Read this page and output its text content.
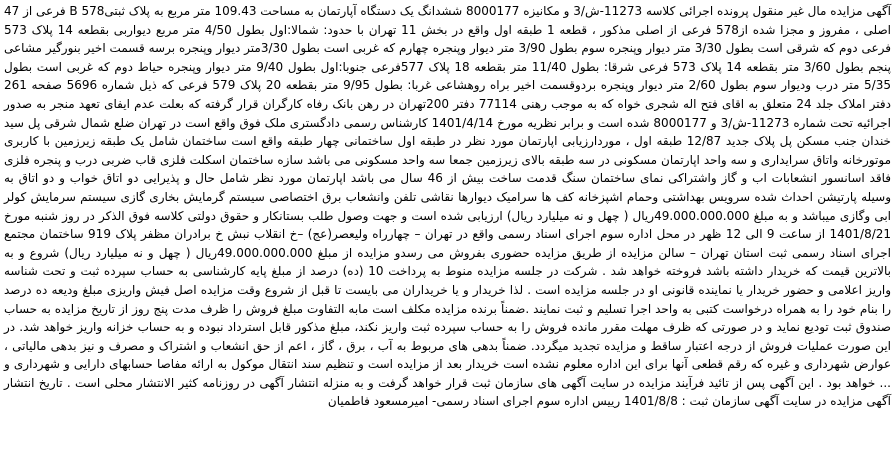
آگهی مزایده مال غیر منقول پرونده اجرائی کلاسه 11273-ش/3 و مکانیزه 8000177 ششدانگ یک دستگاه آپارتمان به مساحت 109.43 متر مربع به پلاک ثبتی578 B فرعی از 47 اصلی ، مفروز و مجزا شده از578 فرعی از اصلی مذکور ، قطعه 1 طبقه اول واقع در بخش 11 تهران با حدود: شمالا:اول بطول 4/50 متر مربع دیواربی بقطعه 14 پلاک 573 فرعی دوم که شرقی است بطول 3/30 متر دیوار وپنجره سوم بطول 3/90 متر دیوار وپنجره چهارم که غربی است بطول 3/30متر دیوار وپنجره برسه قسمت اخیر بنورگیر مشاعی پنجم بطول 3/60 متر بقطعه 14 پلاک 573 فرعی شرقا: بطول 11/40 متر بقطعه 18 پلاک 577فرعی جنوبا:اول بطول 9/40 متر دیوار وپنجره حیاط دوم که غربی است بطول 5/35 متر درب ودیوار سوم بطول 2/60 متر دیوار وپنجره بردوقسمت اخیر براه روهشاعی غربا: بطول 9/95 متر بقطعه 20 پلاک 579 فرعی که ذیل شماره 5696 صفحه 261 دفتر املاک جلد 24 متعلق به اقای فتح اله شجری خواه که به موجب رهنی 77114 دفتر 200تهران در رهن بانک رفاه کارگران قرار گرفته که بعلت عدم ایفای تعهد منجر به صدور اجرائیه تحت شماره 11273-ش/3 و 8000177 شده است و برابر نظریه مورخ 1401/4/14 کارشناس رسمی دادگستری ملک فوق واقع است در تهران ضلع شمال شرقی پل سید خندان جنب مسکن پل پلاک جدید 12/87 طبقه اول ، موردارزیابی اپارتمان مورد نظر در طبقه اول ساختمانی چهار طبقه واقع است ساختمان شامل یک طبقه زیرزمین با کاربری موتورخانه واتاق سرایداری و سه واحد اپارتمان مسکونی در سه طبقه بالای زیرزمین جمعا سه واحد مسکونی می باشد سازه ساختمان اسکلت فلزی قاب ضربی درب و پنجره فلزی فاقد اسانسور انشعابات اب و گاز واشتراکی نمای ساختمان سنگ قدمت ساخت بیش از 46 سال می باشد اپارتمان مورد نظر شامل حال و پذیرایی دو اتاق خواب و دو اتاق به وسیله پارتیشن احداث شده سرویس بهداشتی وحمام اشپزخانه کف ها سرامیک دیوارها نقاشی تلفن وانشعاب برق اختصاصی سیستم گرمایش بخاری گازی سیستم سرمایش کولر ابی وگازی میباشد و به مبلغ 49.000.000.000ریال ( چهل و نه میلیارد ریال) ارزیابی شده است و جهت وصول طلب بستانکار و حقوق دولتی کلاسه فوق الذکر در روز شنبه مورخ 1401/8/21 از ساعت 9 الی 12 ظهر در محل اداره سوم اجرای اسناد رسمی واقع در تهران – چهارراه ولیعصر(عج) –خ انقلاب نبش خ برادران مظفر پلاک 919 ساختمان مجتمع اجرای اسناد رسمی ثبت استان تهران – سالن مزایده از طریق مزایده حضوری بفروش می رسدو مزایده از مبلغ 49.000.000.000ریال ( چهل و نه میلیارد ریال) شروع و به بالاترین قیمت که خریدار داشته باشد فروخته خواهد شد . شرکت در جلسه مزایده منوط به پرداخت 10 (ده) درصد از مبلغ پایه کارشناسی به حساب سپرده ثبت و تحت شناسه واریز اعلامی و حضور خریدار یا نماینده قانونی او در جلسه مزایده است . لذا خریدار و یا خریداران می بایست تا قبل از شروع وقت مزایده اصل فیش واریزی مبلغ ودیعه ده درصد را بنام خود را به همراه درخواست کتبی به واحد اجرا تسلیم و ثبت نمایند .ضمناً برنده مزایده مکلف است مابه التفاوت مبلغ فروش را ظرف مدت پنج روز از تاریخ مزایده به حساب صندوق ثبت تودیع نماید و در صورتی که ظرف مهلت مقرر مانده فروش را به حساب سپرده ثبت واریز نکند، مبلغ مذکور قابل استرداد نبوده و به حساب خزانه واریز خواهد شد. در این صورت عملیات فروش از درجه اعتبار ساقط و مزایده تجدید میگردد. ضمناً بدهی های مربوط به آب ، برق ، گاز ، اعم از حق انشعاب و اشتراک و مصرف و نیز بدهی مالیاتی ، عوارض شهرداری و غیره که رقم قطعی آنها برای این اداره معلوم نشده است خریدار بعد از مزایده است و تنظیم سند انتقال موکول به ارائه مفاصا حسابهای دارایی و شهرداری و ... خواهد بود . این آگهی پس از تائید فرآیند مزایده در سایت آگهی های سازمان ثبت قرار خواهد گرفت و به منزله انتشار آگهی در روزنامه کثیر الانتشار محلی است . تاریخ انتشار آگهی مزایده در سایت آگهی سازمان ثبت : 1401/8/8 رییس اداره سوم اجرای اسناد رسمی- امیرمسعود فاطمیان
